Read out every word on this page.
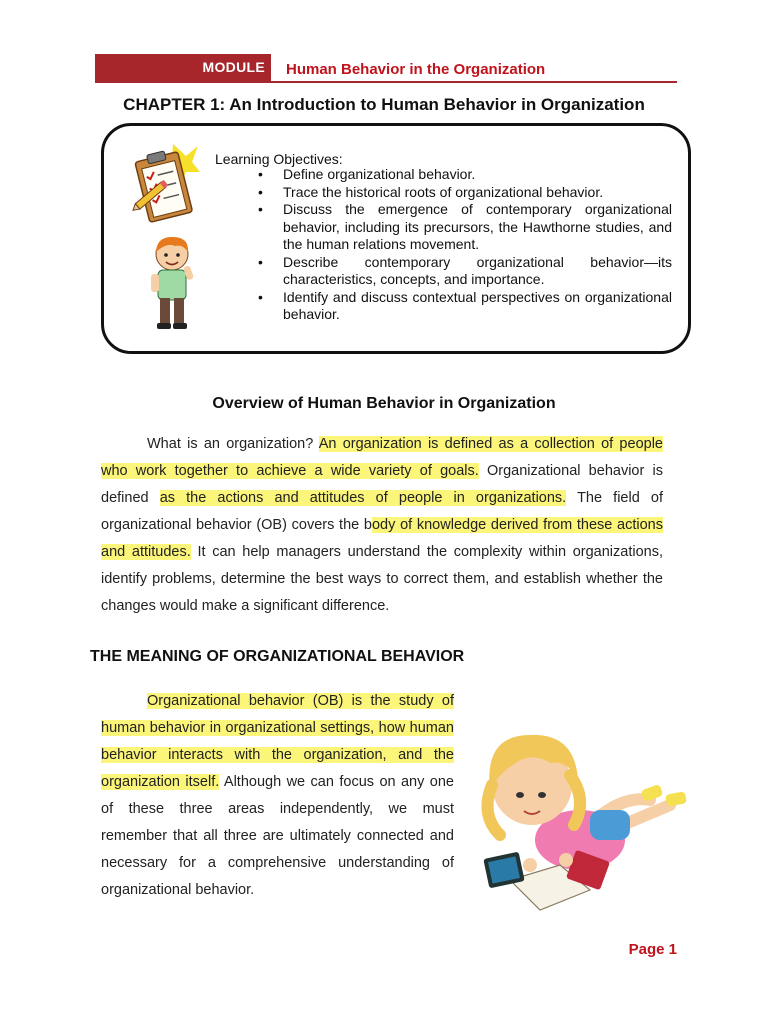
MODULE Human Behavior in the Organization
CHAPTER 1: An Introduction to Human Behavior in Organization
Learning Objectives:
• Define organizational behavior.
• Trace the historical roots of organizational behavior.
• Discuss the emergence of contemporary organizational behavior, including its precursors, the Hawthorne studies, and the human relations movement.
• Describe contemporary organizational behavior—its characteristics, concepts, and importance.
• Identify and discuss contextual perspectives on organizational behavior.
Overview of Human Behavior in Organization

What is an organization? An organization is defined as a collection of people who work together to achieve a wide variety of goals. Organizational behavior is defined as the actions and attitudes of people in organizations. The field of organizational behavior (OB) covers the body of knowledge derived from these actions and attitudes. It can help managers understand the complexity within organizations, identify problems, determine the best ways to correct them, and establish whether the changes would make a significant difference.

THE MEANING OF ORGANIZATIONAL BEHAVIOR

Organizational behavior (OB) is the study of human behavior in organizational settings, how human behavior interacts with the organization, and the organization itself. Although we can focus on any one of these three areas independently, we must remember that all three are ultimately connected and necessary for a comprehensive understanding of organizational behavior.

Page 1
